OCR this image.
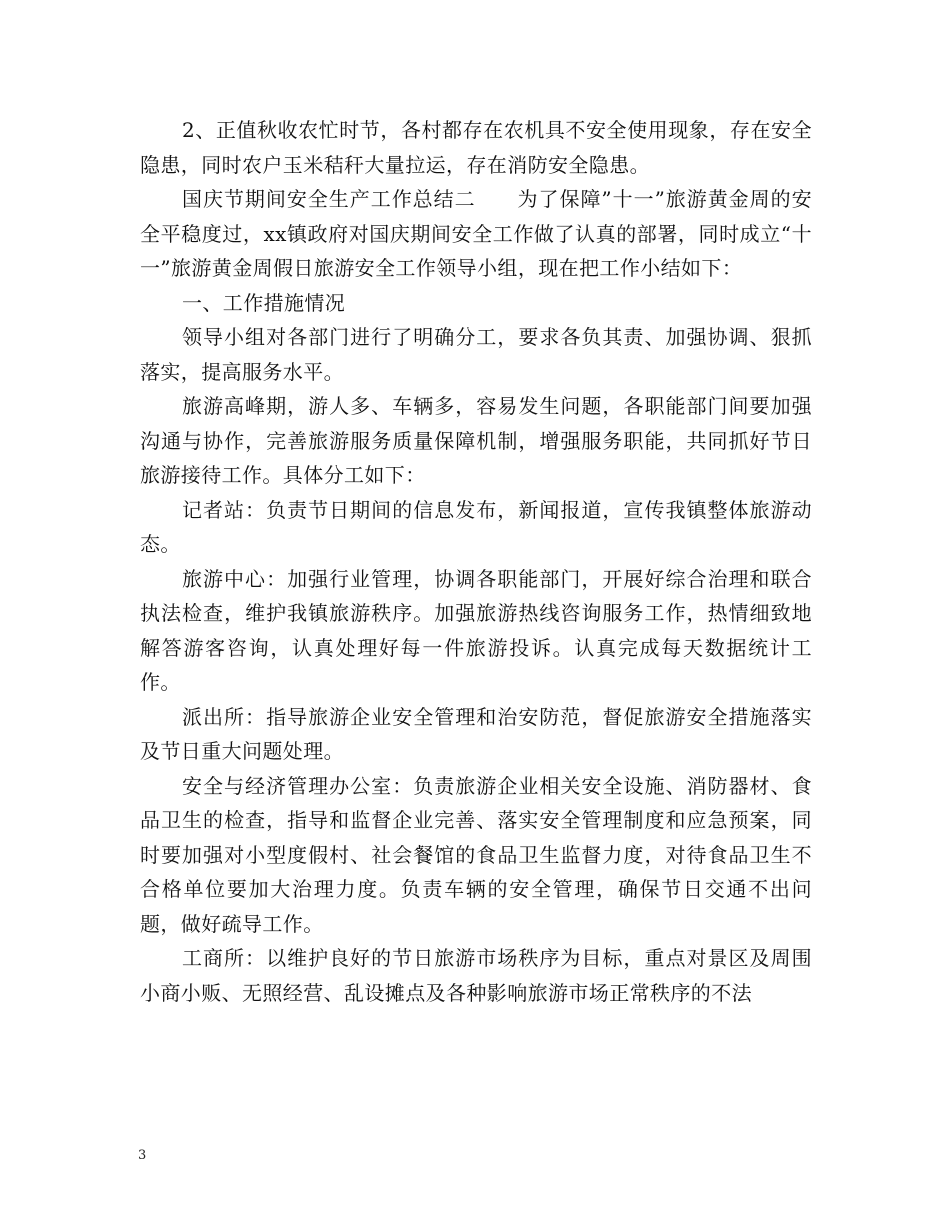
2、正值秋收农忙时节，各村都存在农机具不安全使用现象，存在安全隐患，同时农户玉米秸秆大量拉运，存在消防安全隐患。

国庆节期间安全生产工作总结二　　为了保障”十一”旅游黄金周的安全平稳度过，xx镇政府对国庆期间安全工作做了认真的部署，同时成立“十一”旅游黄金周假日旅游安全工作领导小组，现在把工作小结如下：

一、工作措施情况

领导小组对各部门进行了明确分工，要求各负其责、加强协调、狠抓落实，提高服务水平。

旅游高峰期，游人多、车辆多，容易发生问题，各职能部门间要加强沟通与协作，完善旅游服务质量保障机制，增强服务职能，共同抓好节日旅游接待工作。具体分工如下：

记者站：负责节日期间的信息发布，新闻报道，宣传我镇整体旅游动态。

旅游中心：加强行业管理，协调各职能部门，开展好综合治理和联合执法检查，维护我镇旅游秩序。加强旅游热线咨询服务工作，热情细致地解答游客咨询，认真处理好每一件旅游投诉。认真完成每天数据统计工作。

派出所：指导旅游企业安全管理和治安防范，督促旅游安全措施落实及节日重大问题处理。

安全与经济管理办公室：负责旅游企业相关安全设施、消防器材、食品卫生的检查，指导和监督企业完善、落实安全管理制度和应急预案，同时要加强对小型度假村、社会餐馆的食品卫生监督力度，对待食品卫生不合格单位要加大治理力度。负责车辆的安全管理，确保节日交通不出问题，做好疏导工作。

工商所：以维护良好的节日旅游市场秩序为目标，重点对景区及周围小商小贩、无照经营、乱设摊点及各种影响旅游市场正常秩序的不法

3
